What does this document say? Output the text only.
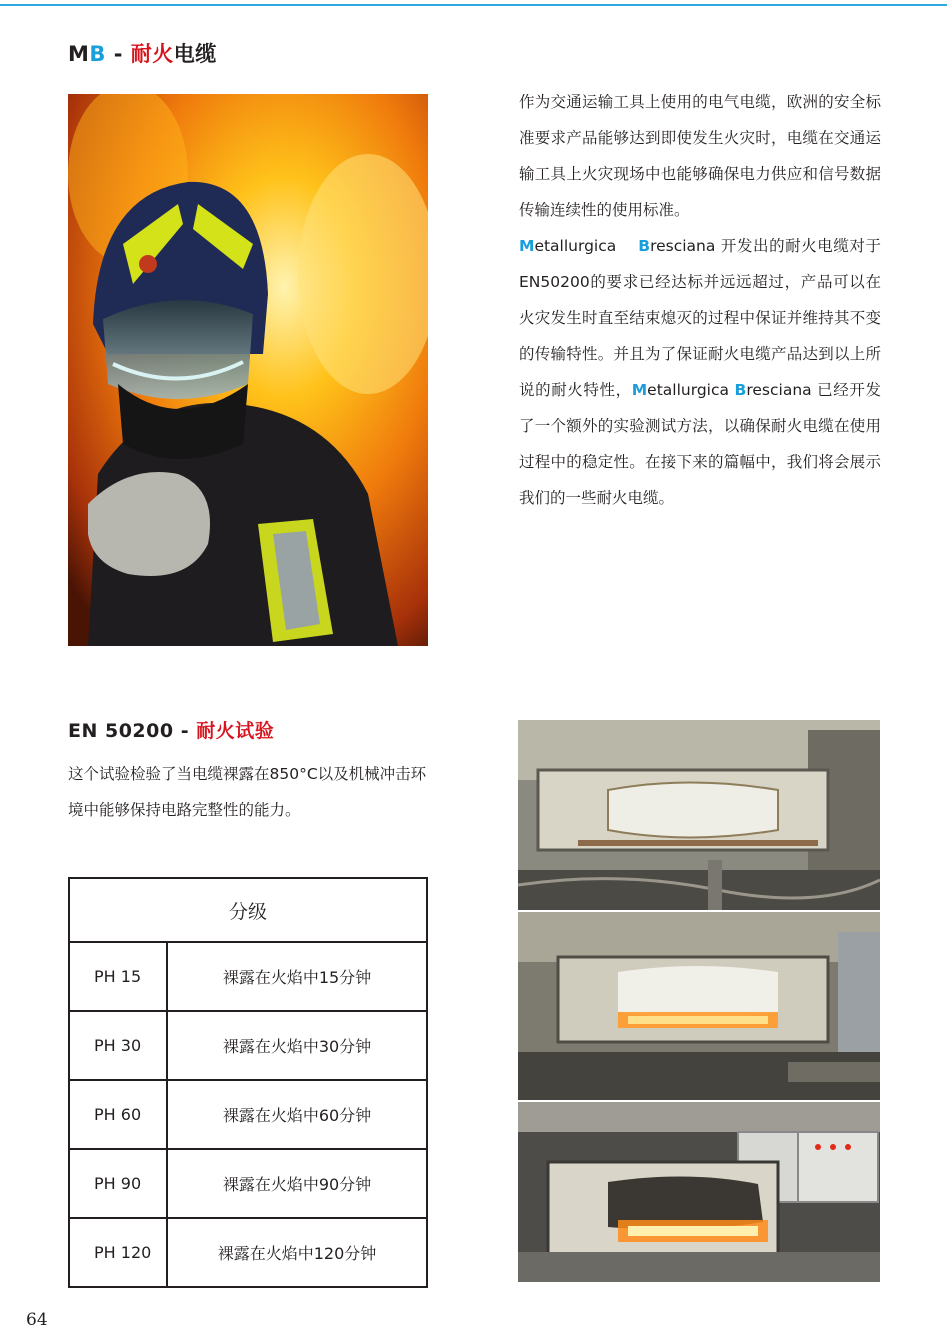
MB - 耐火电缆

作为交通运输工具上使用的电气电缆，欧洲的安全标准要求产品能够达到即使发生火灾时，电缆在交通运输工具上火灾现场中也能够确保电力供应和信号数据传输连续性的使用标准。

Metallurgica Bresciana 开发出的耐火电缆对于EN50200的要求已经达标并远远超过，产品可以在火灾发生时直至结束熄灭的过程中保证并维持其不变的传输特性。并且为了保证耐火电缆产品达到以上所说的耐火特性，Metallurgica Bresciana 已经开发了一个额外的实验测试方法，以确保耐火电缆在使用过程中的稳定性。在接下来的篇幅中，我们将会展示我们的一些耐火电缆。

EN 50200 - 耐火试验
这个试验检验了当电缆裸露在850°C以及机械冲击环境中能够保持电路完整性的能力。
分级	
PH 15	裸露在火焰中15分钟
PH 30	裸露在火焰中30分钟
PH 60	裸露在火焰中60分钟
PH 90	裸露在火焰中90分钟
PH 120	裸露在火焰中120分钟
64
